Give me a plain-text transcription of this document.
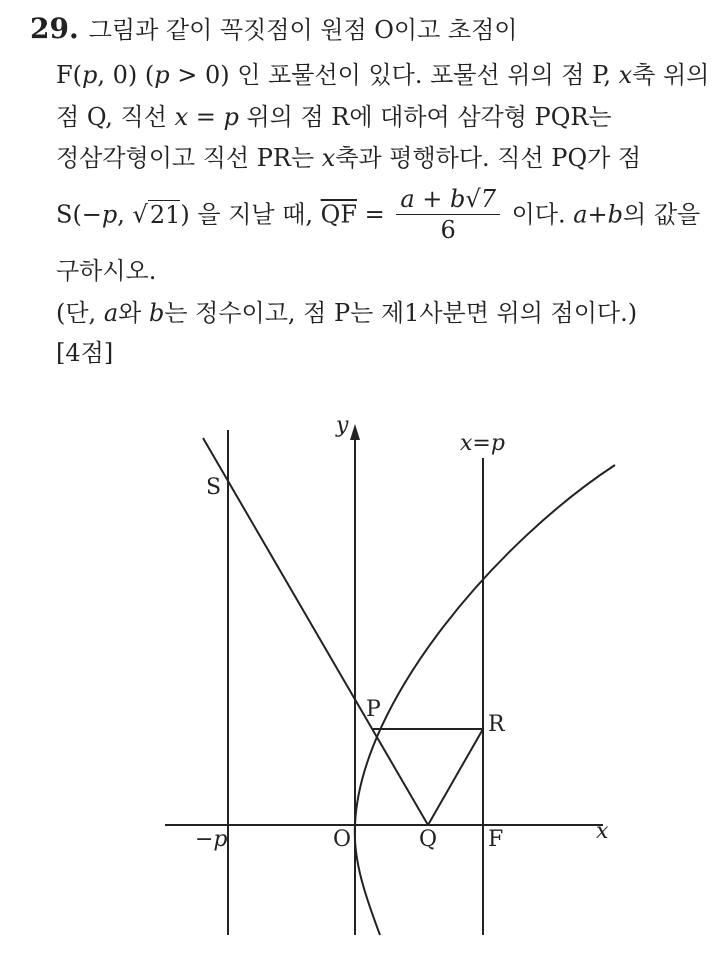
29. 그림과 같이 꼭짓점이 원점 O이고 초점이
F(p, 0) (p > 0) 인 포물선이 있다. 포물선 위의 점 P, x축 위의
점 Q, 직선 x = p 위의 점 R에 대하여 삼각형 PQR는
정삼각형이고 직선 PR는 x축과 평행하다. 직선 PQ가 점
S(−p, √21) 을 지날 때, $\overline{QF} = \frac{a + b√7}{6}$ 이다. a+b의 값을
구하시오.
(단, a와 b는 정수이고, 점 P는 제1사분면 위의 점이다.)
[4점]
y
x
x=p
S
P
R
Q
O	F
−p
